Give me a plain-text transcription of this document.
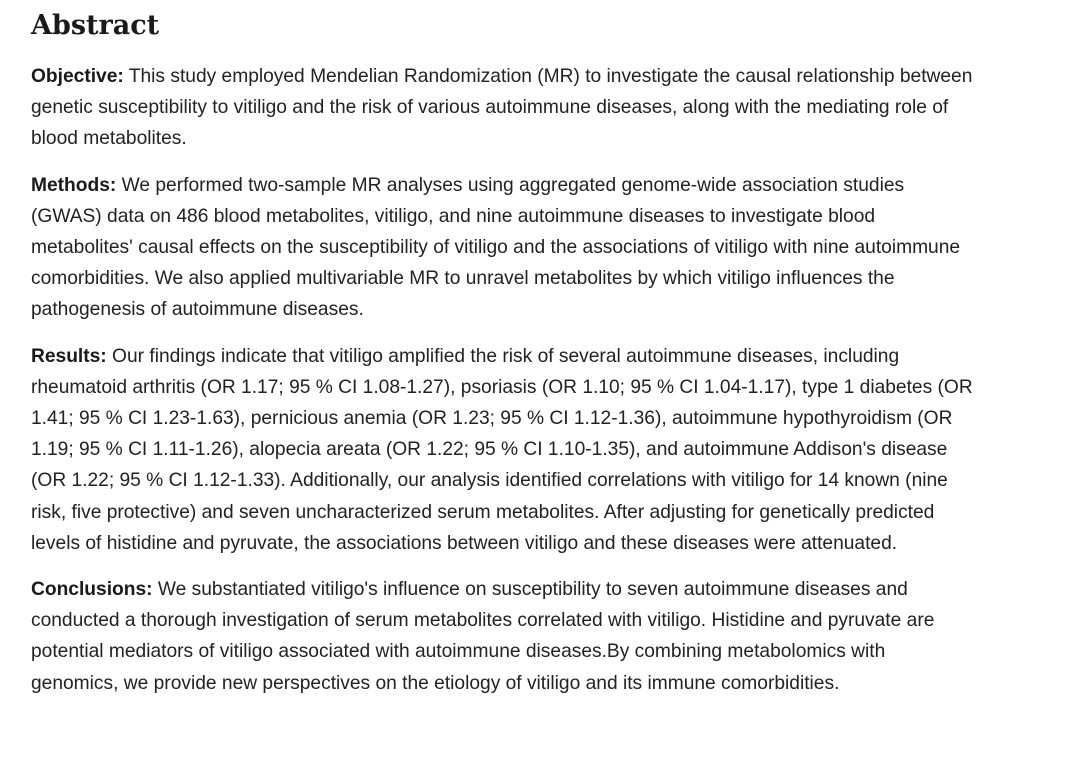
Abstract

Objective: This study employed Mendelian Randomization (MR) to investigate the causal relationship between genetic susceptibility to vitiligo and the risk of various autoimmune diseases, along with the mediating role of blood metabolites.

Methods: We performed two-sample MR analyses using aggregated genome-wide association studies (GWAS) data on 486 blood metabolites, vitiligo, and nine autoimmune diseases to investigate blood metabolites' causal effects on the susceptibility of vitiligo and the associations of vitiligo with nine autoimmune comorbidities. We also applied multivariable MR to unravel metabolites by which vitiligo influences the pathogenesis of autoimmune diseases.

Results: Our findings indicate that vitiligo amplified the risk of several autoimmune diseases, including rheumatoid arthritis (OR 1.17; 95 % CI 1.08-1.27), psoriasis (OR 1.10; 95 % CI 1.04-1.17), type 1 diabetes (OR 1.41; 95 % CI 1.23-1.63), pernicious anemia (OR 1.23; 95 % CI 1.12-1.36), autoimmune hypothyroidism (OR 1.19; 95 % CI 1.11-1.26), alopecia areata (OR 1.22; 95 % CI 1.10-1.35), and autoimmune Addison's disease (OR 1.22; 95 % CI 1.12-1.33). Additionally, our analysis identified correlations with vitiligo for 14 known (nine risk, five protective) and seven uncharacterized serum metabolites. After adjusting for genetically predicted levels of histidine and pyruvate, the associations between vitiligo and these diseases were attenuated.

Conclusions: We substantiated vitiligo's influence on susceptibility to seven autoimmune diseases and conducted a thorough investigation of serum metabolites correlated with vitiligo. Histidine and pyruvate are potential mediators of vitiligo associated with autoimmune diseases.By combining metabolomics with genomics, we provide new perspectives on the etiology of vitiligo and its immune comorbidities.
